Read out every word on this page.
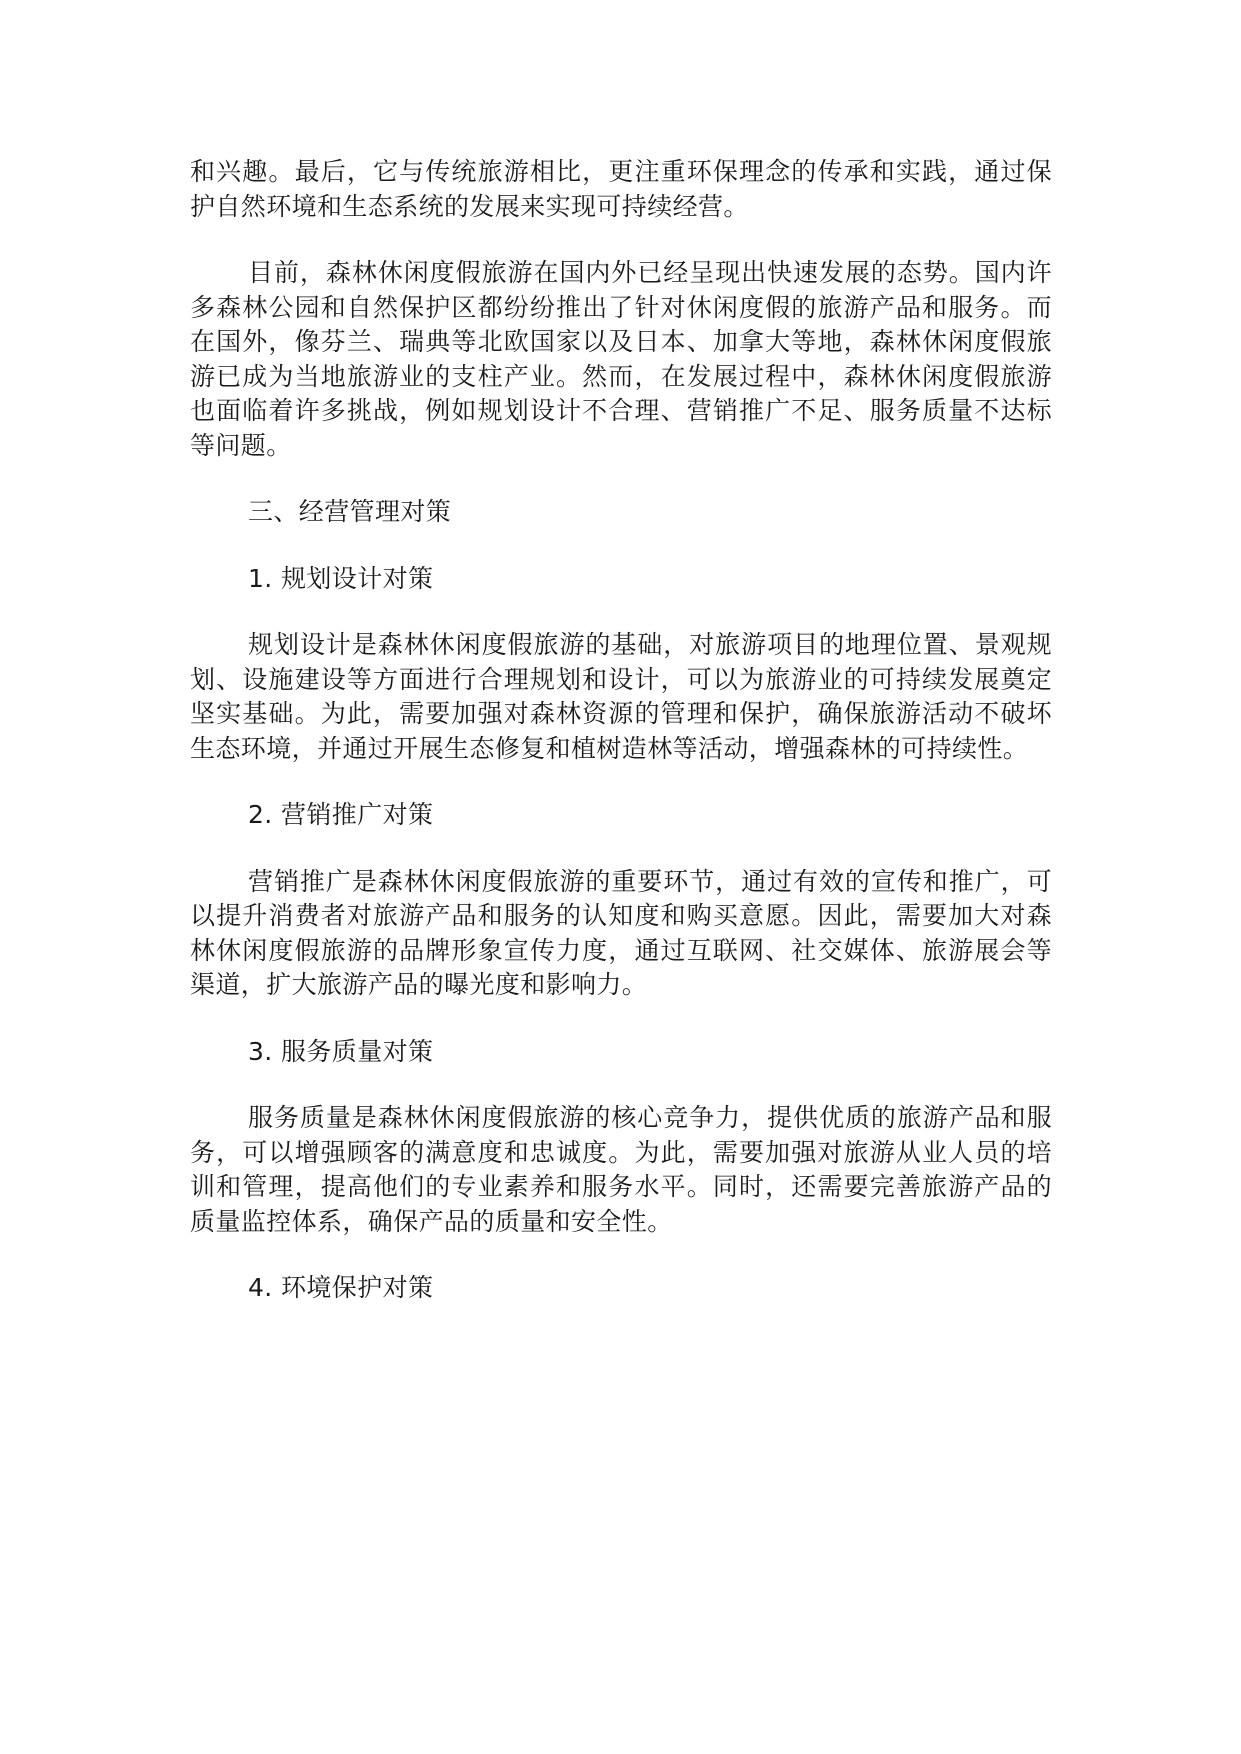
和兴趣。最后，它与传统旅游相比，更注重环保理念的传承和实践，通过保护自然环境和生态系统的发展来实现可持续经营。

目前，森林休闲度假旅游在国内外已经呈现出快速发展的态势。国内许多森林公园和自然保护区都纷纷推出了针对休闲度假的旅游产品和服务。而在国外，像芬兰、瑞典等北欧国家以及日本、加拿大等地，森林休闲度假旅游已成为当地旅游业的支柱产业。然而，在发展过程中，森林休闲度假旅游也面临着许多挑战，例如规划设计不合理、营销推广不足、服务质量不达标等问题。

三、经营管理对策

1. 规划设计对策

规划设计是森林休闲度假旅游的基础，对旅游项目的地理位置、景观规划、设施建设等方面进行合理规划和设计，可以为旅游业的可持续发展奠定坚实基础。为此，需要加强对森林资源的管理和保护，确保旅游活动不破坏生态环境，并通过开展生态修复和植树造林等活动，增强森林的可持续性。

2. 营销推广对策

营销推广是森林休闲度假旅游的重要环节，通过有效的宣传和推广，可以提升消费者对旅游产品和服务的认知度和购买意愿。因此，需要加大对森林休闲度假旅游的品牌形象宣传力度，通过互联网、社交媒体、旅游展会等渠道，扩大旅游产品的曝光度和影响力。

3. 服务质量对策

服务质量是森林休闲度假旅游的核心竞争力，提供优质的旅游产品和服务，可以增强顾客的满意度和忠诚度。为此，需要加强对旅游从业人员的培训和管理，提高他们的专业素养和服务水平。同时，还需要完善旅游产品的质量监控体系，确保产品的质量和安全性。

4. 环境保护对策
